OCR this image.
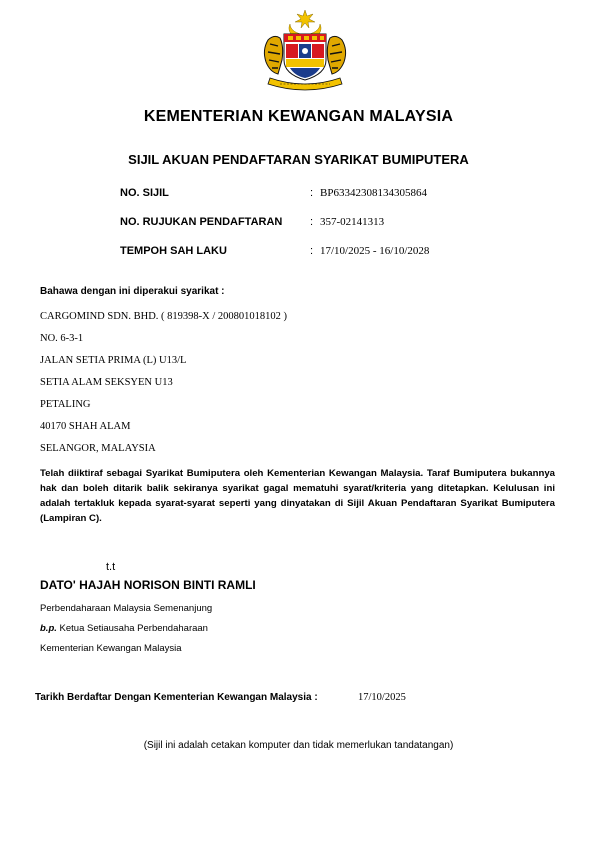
KEMENTERIAN KEWANGAN MALAYSIA
SIJIL AKUAN PENDAFTARAN SYARIKAT BUMIPUTERA
NO. SIJIL	: BP63342308134305864
NO. RUJUKAN PENDAFTARAN	: 357-02141313
TEMPOH SAH LAKU	: 17/10/2025 - 16/10/2028
Bahawa dengan ini diperakui syarikat :
CARGOMIND SDN. BHD. ( 819398-X / 200801018102 )
NO. 6-3-1
JALAN SETIA PRIMA (L) U13/L
SETIA ALAM SEKSYEN U13
PETALING
40170 SHAH ALAM
SELANGOR, MALAYSIA
Telah diiktiraf sebagai Syarikat Bumiputera oleh Kementerian Kewangan Malaysia. Taraf Bumiputera bukannya hak dan boleh ditarik balik sekiranya syarikat gagal mematuhi syarat/kriteria yang ditetapkan. Kelulusan ini adalah tertakluk kepada syarat-syarat seperti yang dinyatakan di Sijil Akuan Pendaftaran Syarikat Bumiputera (Lampiran C).
t.t
DATO' HAJAH NORISON BINTI RAMLI
Perbendaharaan Malaysia Semenanjung
b.p. Ketua Setiausaha Perbendaharaan
Kementerian Kewangan Malaysia
Tarikh Berdaftar Dengan Kementerian Kewangan Malaysia :	17/10/2025
(Sijil ini adalah cetakan komputer dan tidak memerlukan tandatangan)
